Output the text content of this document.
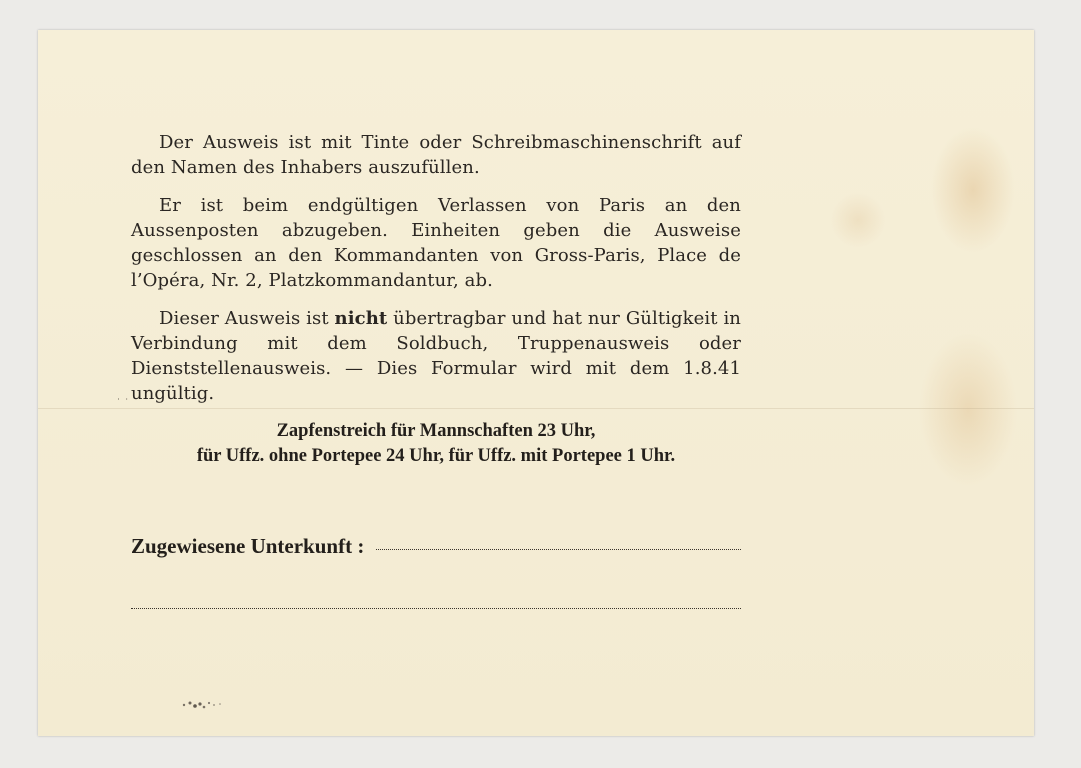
Der Ausweis ist mit Tinte oder Schreibmaschinenschrift auf den Namen des Inhabers auszufüllen.

Er ist beim endgültigen Verlassen von Paris an den Aussenposten abzugeben. Einheiten geben die Ausweise geschlossen an den Kommandanten von Gross-Paris, Place de l’Opéra, Nr. 2, Platzkommandantur, ab.

Dieser Ausweis ist nicht übertragbar und hat nur Gültigkeit in Verbindung mit dem Soldbuch, Truppenausweis oder Dienststellenausweis. — Dies Formular wird mit dem 1.8.41 ungültig.

Zapfenstreich für Mannschaften 23 Uhr,
für Uffz. ohne Portepee 24 Uhr, für Uffz. mit Portepee 1 Uhr.
Zugewiesene Unterkunft :
˙ ˙
